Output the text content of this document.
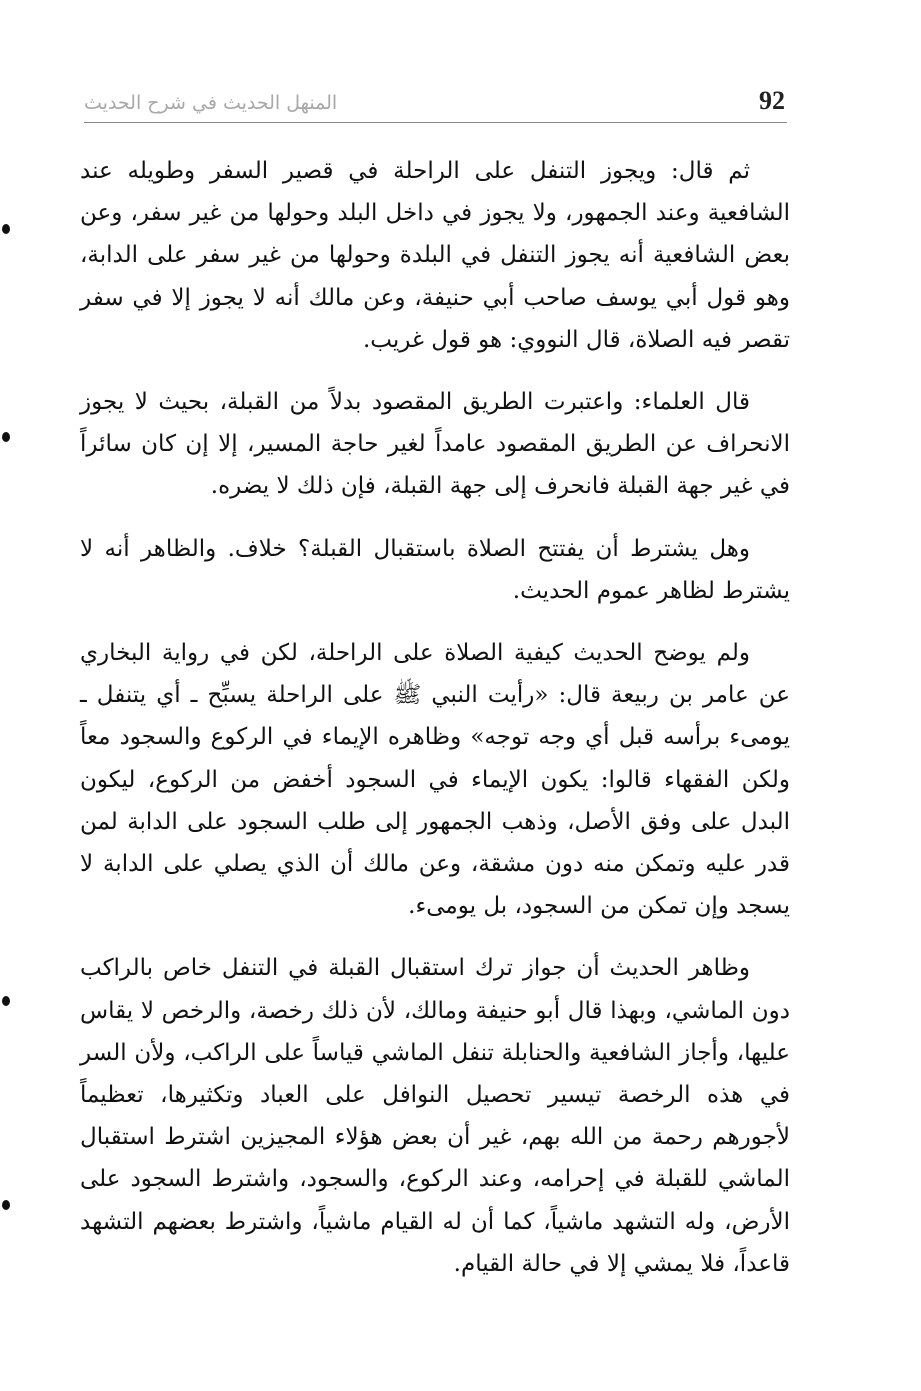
المنهل الحديث في شرح الحديث	92

ثم قال: ويجوز التنفل على الراحلة في قصير السفر وطويله عند الشافعية وعند الجمهور، ولا يجوز في داخل البلد وحولها من غير سفر، وعن بعض الشافعية أنه يجوز التنفل في البلدة وحولها من غير سفر على الدابة، وهو قول أبي يوسف صاحب أبي حنيفة، وعن مالك أنه لا يجوز إلا في سفر تقصر فيه الصلاة، قال النووي: هو قول غريب.

قال العلماء: واعتبرت الطريق المقصود بدلاً من القبلة، بحيث لا يجوز الانحراف عن الطريق المقصود عامداً لغير حاجة المسير، إلا إن كان سائراً في غير جهة القبلة فانحرف إلى جهة القبلة، فإن ذلك لا يضره.

وهل يشترط أن يفتتح الصلاة باستقبال القبلة؟ خلاف. والظاهر أنه لا يشترط لظاهر عموم الحديث.

ولم يوضح الحديث كيفية الصلاة على الراحلة، لكن في رواية البخاري عن عامر بن ربيعة قال: «رأيت النبي ﷺ على الراحلة يسبِّح ـ أي يتنفل ـ يومىء برأسه قبل أي وجه توجه» وظاهره الإيماء في الركوع والسجود معاً ولكن الفقهاء قالوا: يكون الإيماء في السجود أخفض من الركوع، ليكون البدل على وفق الأصل، وذهب الجمهور إلى طلب السجود على الدابة لمن قدر عليه وتمكن منه دون مشقة، وعن مالك أن الذي يصلي على الدابة لا يسجد وإن تمكن من السجود، بل يومىء.

وظاهر الحديث أن جواز ترك استقبال القبلة في التنفل خاص بالراكب دون الماشي، وبهذا قال أبو حنيفة ومالك، لأن ذلك رخصة، والرخص لا يقاس عليها، وأجاز الشافعية والحنابلة تنفل الماشي قياساً على الراكب، ولأن السر في هذه الرخصة تيسير تحصيل النوافل على العباد وتكثيرها، تعظيماً لأجورهم رحمة من الله بهم، غير أن بعض هؤلاء المجيزين اشترط استقبال الماشي للقبلة في إحرامه، وعند الركوع، والسجود، واشترط السجود على الأرض، وله التشهد ماشياً، كما أن له القيام ماشياً، واشترط بعضهم التشهد قاعداً، فلا يمشي إلا في حالة القيام.
